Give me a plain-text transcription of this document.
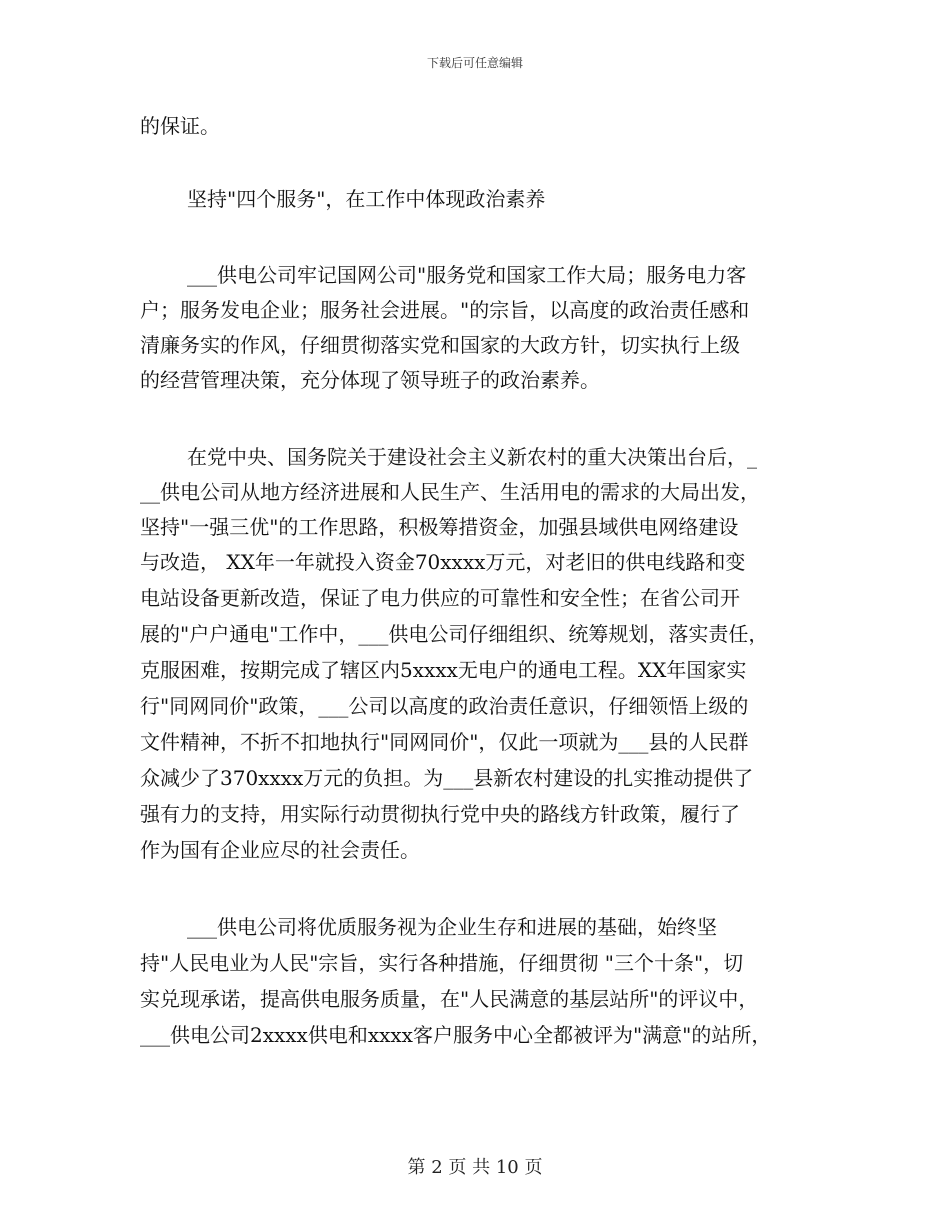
下载后可任意编辑
的保证。
坚持"四个服务"，在工作中体现政治素养
___供电公司牢记国网公司"服务党和国家工作大局；服务电力客
户；服务发电企业；服务社会进展。"的宗旨，以高度的政治责任感和
清廉务实的作风，仔细贯彻落实党和国家的大政方针，切实执行上级
的经营管理决策，充分体现了领导班子的政治素养。
在党中央、国务院关于建设社会主义新农村的重大决策出台后，_
__供电公司从地方经济进展和人民生产、生活用电的需求的大局出发，
坚持"一强三优"的工作思路，积极筹措资金，加强县域供电网络建设
与改造， XX年一年就投入资金70xxxx万元，对老旧的供电线路和变
电站设备更新改造，保证了电力供应的可靠性和安全性；在省公司开
展的"户户通电"工作中，___供电公司仔细组织、统筹规划，落实责任，
克服困难，按期完成了辖区内5xxxx无电户的通电工程。XX年国家实
行"同网同价"政策，___公司以高度的政治责任意识，仔细领悟上级的
文件精神，不折不扣地执行"同网同价"，仅此一项就为___县的人民群
众减少了370xxxx万元的负担。为___县新农村建设的扎实推动提供了
强有力的支持，用实际行动贯彻执行党中央的路线方针政策，履行了
作为国有企业应尽的社会责任。
___供电公司将优质服务视为企业生存和进展的基础，始终坚
持"人民电业为人民"宗旨，实行各种措施，仔细贯彻 "三个十条"，切
实兑现承诺，提高供电服务质量，在"人民满意的基层站所"的评议中，
___供电公司2xxxx供电和xxxx客户服务中心全都被评为"满意"的站所，
第 2 页 共 10 页
